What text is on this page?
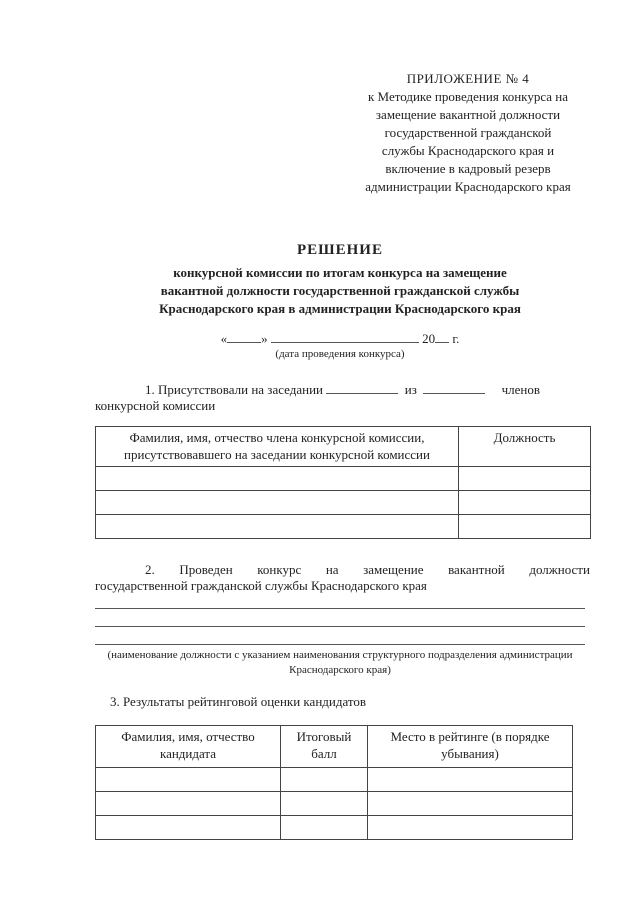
ПРИЛОЖЕНИЕ № 4
к Методике проведения конкурса на
замещение вакантной должности
государственной гражданской
службы Краснодарского края и
включение в кадровый резерв
администрации Краснодарского края
РЕШЕНИЕ
конкурсной комиссии по итогам конкурса на замещение
вакантной должности государственной гражданской службы
Краснодарского края в администрации Краснодарского края
«	»	20 г.
(дата проведения конкурса)
1. Присутствовали на заседании	из	членов
конкурсной комиссии
Фамилия, имя, отчество члена конкурсной комиссии, присутствовавшего на заседании конкурсной комиссии	Должность

2. Проведен конкурс на замещение вакантной должности
государственной гражданской службы Краснодарского края
(наименование должности с указанием наименования структурного подразделения администрации Краснодарского края)
3. Результаты рейтинговой оценки кандидатов
Фамилия, имя, отчество кандидата	Итоговый балл	Место в рейтинге (в порядке убывания)
